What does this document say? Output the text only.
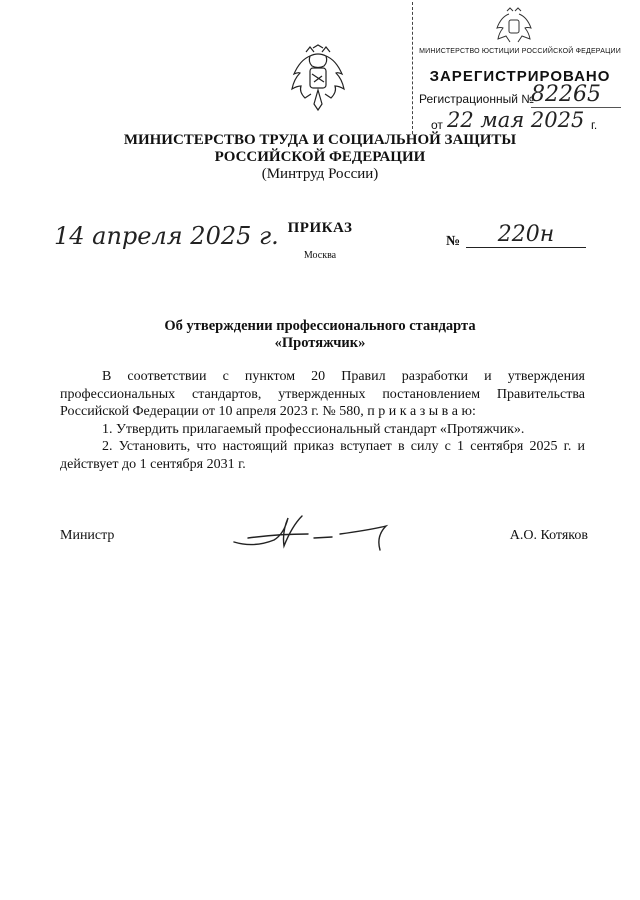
МИНИСТЕРСТВО ЮСТИЦИИ РОССИЙСКОЙ ФЕДЕРАЦИИ
ЗАРЕГИСТРИРОВАНО
Регистрационный №
82265
от 22 мая 2025 г.
МИНИСТЕРСТВО ТРУДА И СОЦИАЛЬНОЙ ЗАЩИТЫ
РОССИЙСКОЙ ФЕДЕРАЦИИ
(Минтруд России)
14 апреля 2025 г. ПРИКАЗ
Москва
№	220н
Об утверждении профессионального стандарта
«Протяжчик»

В соответствии с пунктом 20 Правил разработки и утверждения профессиональных стандартов, утвержденных постановлением Правительства Российской Федерации от 10 апреля 2023 г. № 580, п р и к а з ы в а ю:

1. Утвердить прилагаемый профессиональный стандарт «Протяжчик».

2. Установить, что настоящий приказ вступает в силу с 1 сентября 2025 г. и действует до 1 сентября 2031 г.

Министр	А.О. Котяков
